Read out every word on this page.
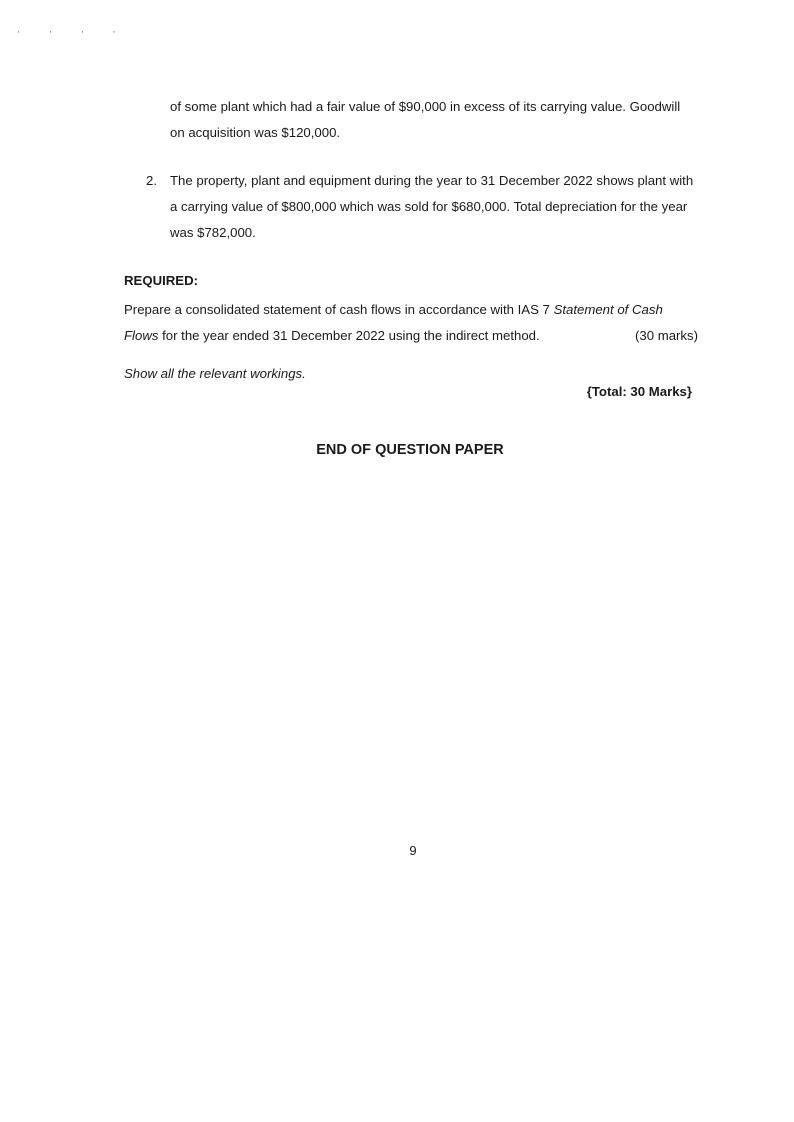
' ' ' '
of some plant which had a fair value of $90,000 in excess of its carrying value. Goodwill on acquisition was $120,000.
2. The property, plant and equipment during the year to 31 December 2022 shows plant with a carrying value of $800,000 which was sold for $680,000. Total depreciation for the year was $782,000.
REQUIRED:
Prepare a consolidated statement of cash flows in accordance with IAS 7 Statement of Cash Flows for the year ended 31 December 2022 using the indirect method.	(30 marks)
Show all the relevant workings.
{Total: 30 Marks}
END OF QUESTION PAPER
9
